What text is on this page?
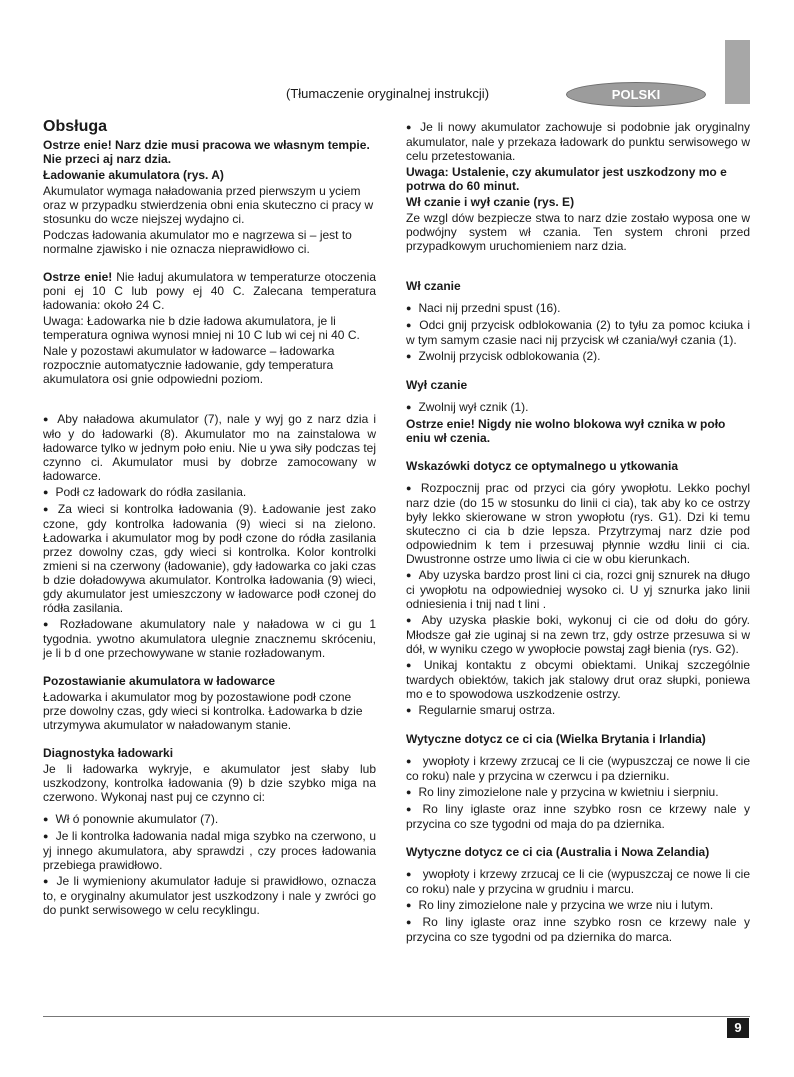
(Tłumaczenie oryginalnej instrukcji)	POLSKI

Obsługa

Ostrze enie! Narz dzie musi pracowa we własnym tempie. Nie przeci aj narz dzia.

Ładowanie akumulatora (rys. A)

Akumulator wymaga naładowania przed pierwszym u yciem oraz w przypadku stwierdzenia obni enia skuteczno ci pracy w stosunku do wcze niejszej wydajno ci.

Podczas ładowania akumulator mo e nagrzewa si – jest to normalne zjawisko i nie oznacza nieprawidłowo ci.

Ostrze enie! Nie ładuj akumulatora w temperaturze otoczenia poni ej 10 C lub powy ej 40 C. Zalecana temperatura ładowania: około 24 C.

Uwaga: Ładowarka nie b dzie ładowa akumulatora, je li temperatura ogniwa wynosi mniej ni 10 C lub wi cej ni 40 C.

Nale y pozostawi akumulator w ładowarce – ładowarka rozpocznie automatycznie ładowanie, gdy temperatura akumulatora osi gnie odpowiedni poziom.

● Aby naładowa akumulator (7), nale y wyj go z narz dzia i wło y do ładowarki (8). Akumulator mo na zainstalowa w ładowarce tylko w jednym poło eniu. Nie u ywa siły podczas tej czynno ci. Akumulator musi by dobrze zamocowany w ładowarce.

● Podł cz ładowark do ródła zasilania.

● Za wieci si kontrolka ładowania (9). Ładowanie jest zako czone, gdy kontrolka ładowania (9) wieci si na zielono. Ładowarka i akumulator mog by podł czone do ródła zasilania przez dowolny czas, gdy wieci si kontrolka. Kolor kontrolki zmieni si na czerwony (ładowanie), gdy ładowarka co jaki czas b dzie doładowywa akumulator. Kontrolka ładowania (9) wieci, gdy akumulator jest umieszczony w ładowarce podł czonej do ródła zasilania.

● Rozładowane akumulatory nale y naładowa w ci gu 1 tygodnia. ywotno akumulatora ulegnie znacznemu skróceniu, je li b d one przechowywane w stanie rozładowanym.

Pozostawianie akumulatora w ładowarce

Ładowarka i akumulator mog by pozostawione podł czone prze dowolny czas, gdy wieci si kontrolka. Ładowarka b dzie utrzymywa akumulator w naładowanym stanie.

Diagnostyka ładowarki

Je li ładowarka wykryje, e akumulator jest słaby lub uszkodzony, kontrolka ładowania (9) b dzie szybko miga na czerwono. Wykonaj nast puj ce czynno ci:

● Wł ó ponownie akumulator (7).

● Je li kontrolka ładowania nadal miga szybko na czerwono, u yj innego akumulatora, aby sprawdzi , czy proces ładowania przebiega prawidłowo.

● Je li wymieniony akumulator ładuje si prawidłowo, oznacza to, e oryginalny akumulator jest uszkodzony i nale y zwróci go do punkt serwisowego w celu recyklingu.

● Je li nowy akumulator zachowuje si podobnie jak oryginalny akumulator, nale y przekaza ładowark do punktu serwisowego w celu przetestowania.

Uwaga: Ustalenie, czy akumulator jest uszkodzony mo e potrwa do 60 minut.

Wł czanie i wył czanie (rys. E)

Ze wzgl dów bezpiecze stwa to narz dzie zostało wyposa one w podwójny system wł czania. Ten system chroni przed przypadkowym uruchomieniem narz dzia.

Wł czanie

● Naci nij przedni spust (16).

● Odci gnij przycisk odblokowania (2) to tyłu za pomoc kciuka i w tym samym czasie naci nij przycisk wł czania/wył czania (1).

● Zwolnij przycisk odblokowania (2).

Wył czanie

● Zwolnij wył cznik (1).

Ostrze enie! Nigdy nie wolno blokowa wył cznika w poło eniu wł czenia.

Wskazówki dotycz ce optymalnego u ytkowania

● Rozpocznij prac od przyci cia góry ywopłotu. Lekko pochyl narz dzie (do 15 w stosunku do linii ci cia), tak aby ko ce ostrzy były lekko skierowane w stron ywopłotu (rys. G1). Dzi ki temu skuteczno ci cia b dzie lepsza. Przytrzymaj narz dzie pod odpowiednim k tem i przesuwaj płynnie wzdłu linii ci cia. Dwustronne ostrze umo liwia ci cie w obu kierunkach.

● Aby uzyska bardzo prost lini ci cia, rozci gnij sznurek na długo ci ywopłotu na odpowiedniej wysoko ci. U yj sznurka jako linii odniesienia i tnij nad t lini .

● Aby uzyska płaskie boki, wykonuj ci cie od dołu do góry. Młodsze gał zie uginaj si na zewn trz, gdy ostrze przesuwa si w dół, w wyniku czego w ywopłocie powstaj zagł bienia (rys. G2).

● Unikaj kontaktu z obcymi obiektami. Unikaj szczególnie twardych obiektów, takich jak stalowy drut oraz słupki, poniewa mo e to spowodowa uszkodzenie ostrzy.

● Regularnie smaruj ostrza.

Wytyczne dotycz ce ci cia (Wielka Brytania i Irlandia)

● ywopłoty i krzewy zrzucaj ce li cie (wypuszczaj ce nowe li cie co roku) nale y przycina w czerwcu i pa dzierniku.

● Ro liny zimozielone nale y przycina w kwietniu i sierpniu.

● Ro liny iglaste oraz inne szybko rosn ce krzewy nale y przycina co sze tygodni od maja do pa dziernika.

Wytyczne dotycz ce ci cia (Australia i Nowa Zelandia)

● ywopłoty i krzewy zrzucaj ce li cie (wypuszczaj ce nowe li cie co roku) nale y przycina w grudniu i marcu.

● Ro liny zimozielone nale y przycina we wrze niu i lutym.

● Ro liny iglaste oraz inne szybko rosn ce krzewy nale y przycina co sze tygodni od pa dziernika do marca.

9
